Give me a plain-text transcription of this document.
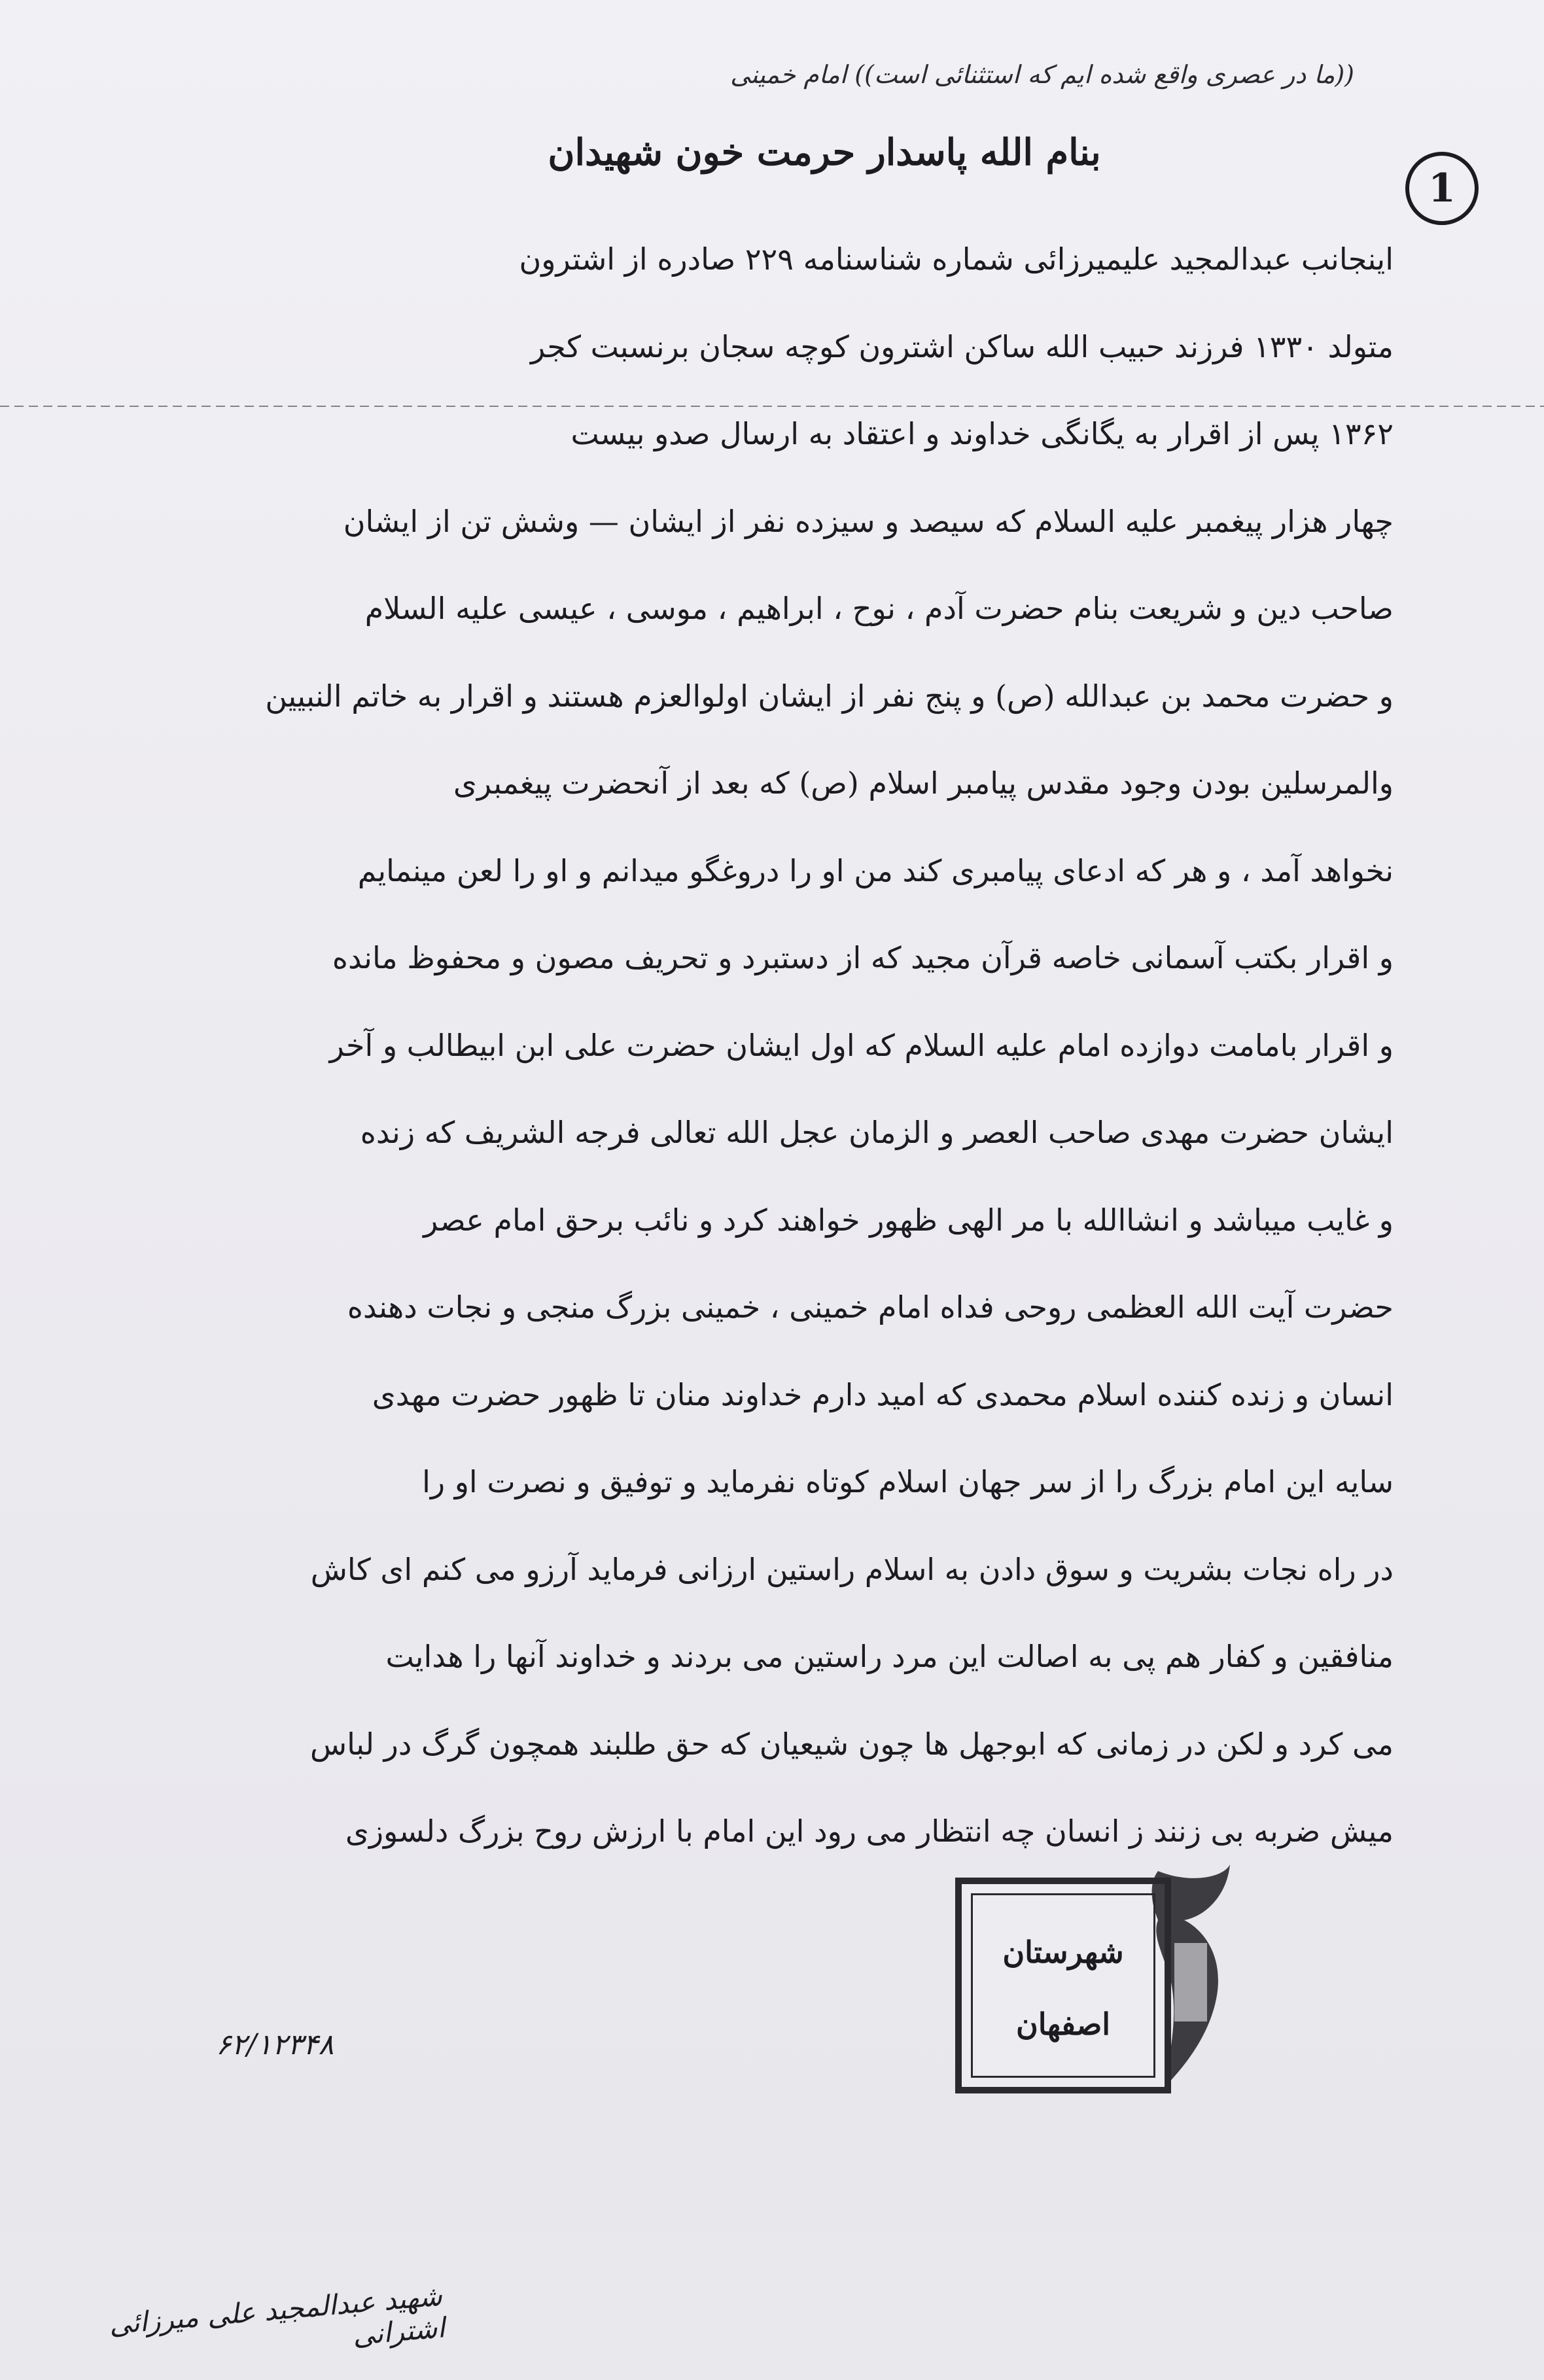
((ما در عصری واقع شده ایم که استثنائی است)) امام خمینی
1
بنام الله پاسدار حرمت خون شهیدان
اینجانب عبدالمجید علیمیرزائی شماره شناسنامه ۲۲۹ صادره از اشترون
متولد ۱۳۳۰ فرزند حبیب الله ساکن اشترون کوچه سجان برنسبت کجر
۱۳۶۲ پس از اقرار به یگانگی خداوند و اعتقاد به ارسال صدو بیست
چهار هزار پیغمبر علیه السلام که سیصد و سیزده نفر از ایشان — وشش تن از ایشان
صاحب دین و شریعت بنام حضرت آدم ، نوح ، ابراهیم ، موسی ، عیسی علیه السلام
و حضرت محمد بن عبدالله (ص) و پنج نفر از ایشان اولوالعزم هستند و اقرار به خاتم النبیین
والمرسلین بودن وجود مقدس پیامبر اسلام (ص) که بعد از آنحضرت پیغمبری
نخواهد آمد ، و هر که ادعای پیامبری کند من او را دروغگو میدانم و او را لعن مینمایم
و اقرار بکتب آسمانی خاصه قرآن مجید که از دستبرد و تحریف مصون و محفوظ مانده
و اقرار بامامت دوازده امام علیه السلام که اول ایشان حضرت علی ابن ابیطالب و آخر
ایشان حضرت مهدی صاحب العصر و الزمان عجل الله تعالی فرجه الشریف که زنده
و غایب میباشد و انشاالله با مر الهی ظهور خواهند کرد و نائب برحق امام عصر
حضرت آیت الله العظمی روحی فداه امام خمینی ، خمینی بزرگ منجی و نجات دهنده
انسان و زنده کننده اسلام محمدی که امید دارم خداوند منان تا ظهور حضرت مهدی
سایه این امام بزرگ را از سر جهان اسلام کوتاه نفرماید و توفیق و نصرت او را
در راه نجات بشریت و سوق دادن به اسلام راستین ارزانی فرماید آرزو می کنم ای کاش
منافقین و کفار هم پی به اصالت این مرد راستین می بردند و خداوند آنها را هدایت
می کرد و لکن در زمانی که ابوجهل ها چون شیعیان که حق طلبند همچون گرگ در لباس
میش ضربه بی زنند ز انسان چه انتظار می رود این امام با ارزش روح بزرگ دلسوزی
شهید عبدالمجید علی میرزائی اشترانی
۶۲/۱۲۳۴۸
شهرستان
اصفهان
